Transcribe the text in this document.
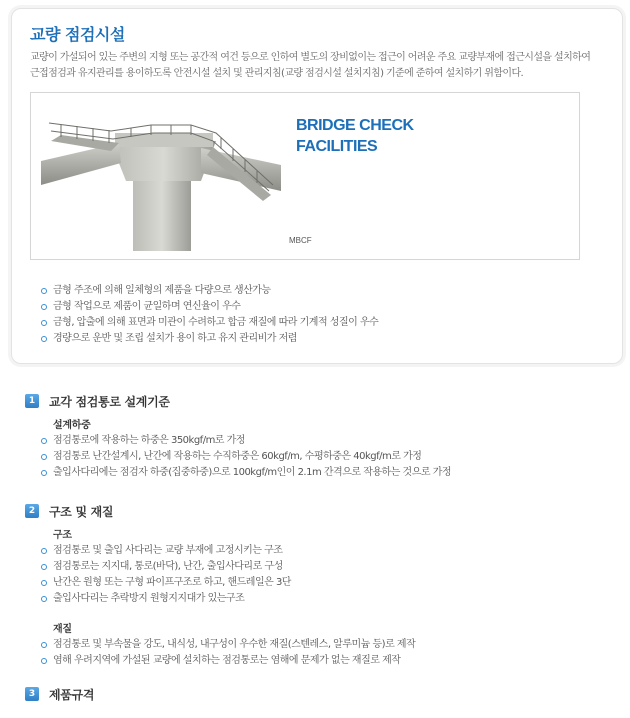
교량 점검시설

교량이 가설되어 있는 주변의 지형 또는 공간적 여건 등으로 인하여 별도의 장비없이는 접근이 어려운 주요 교량부재에 접근시설을 설치하여 근접점검과 유지관리를 용이하도록 안전시설 설치 및 관리지침(교량 점검시설 설치지침) 기준에 준하여 설치하기 위함이다.

BRIDGE CHECK
FACILITIES
MBCF
금형 주조에 의해 일체형의 제품을 다량으로 생산가능
금형 작업으로 제품이 균일하며 연신율이 우수
금형, 압출에 의해 표면과 미관이 수려하고 합금 재질에 따라 기계적 성질이 우수
경량으로 운반 및 조립 설치가 용이 하고 유지 관리비가 저렴
1	교각 점검통로 설계기준
설계하중
점검통로에 작용하는 하중은 350kgf/m로 가정
점검통로 난간설계시, 난간에 작용하는 수직하중은 60kgf/m, 수평하중은 40kgf/m로 가정
출입사다리에는 점검자 하중(집중하중)으로 100kgf/m인이 2.1m 간격으로 작용하는 것으로 가정
2	구조 및 재질
구조
점검통로 및 출입 사다리는 교량 부재에 고정시키는 구조
점검통로는 지지대, 통로(바닥), 난간, 출입사다리로 구성
난간은 원형 또는 구형 파이프구조로 하고, 핸드레일은 3단
출입사다리는 추락방지 원형지지대가 있는구조
재질
점검통로 및 부속물을 강도, 내식성, 내구성이 우수한 재질(스텐레스, 알루미늄 등)로 제작
염해 우려지역에 가설된 교량에 설치하는 점검통로는 염해에 문제가 없는 재질로 제작
3	제품규격
